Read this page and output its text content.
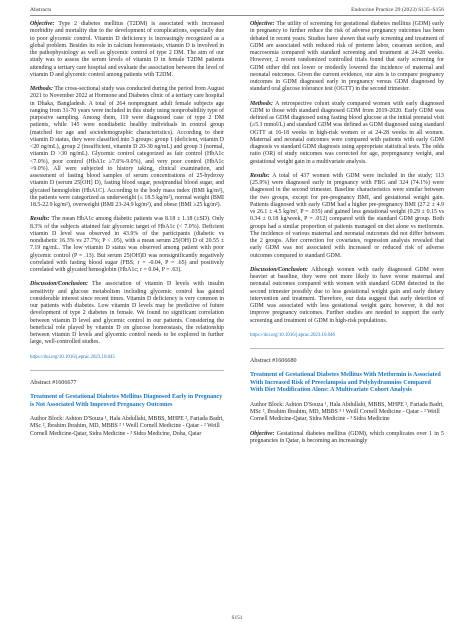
Abstracts	Endocrine Practice 29 (2023) S135–S156

Objective: Type 2 diabetes mellitus (T2DM) is associated with increased morbidity and mortality due to the development of complications, especially due to poor glycemic control. Vitamin D deficiency is increasingly recognized as a global problem. Besides its role in calcium homeostasis, vitamin D is involved in the pathophysiology as well as glycemic control of type 2 DM. The aim of our study was to assess the serum levels of vitamin D in female T2DM patients attending a tertiary care hospital and evaluate the association between the level of vitamin D and glycemic control among patients with T2DM.

Methods: The cross-sectional study was conducted during the period from August 2021 to November 2022 at Hormone and Diabetes clinic of a tertiary care hospital in Dhaka, Bangladesh. A total of 264 nonpregnant adult female subjects age ranging from 31-70 years were included in this study using nonprobability type of purposive sampling. Among them, 119 were diagnosed case of type 2 DM patients, while 145 were nondiabetic healthy individuals in control group (matched for age and sociodemographic characteristics). According to their vitamin D status, they were classified into 3 groups: group 1 (deficient, vitamin D <20 ng/mL), group 2 (insufficient, vitamin D 20-30 ng/mL) and group 3 (normal, vitamin D >30 ng/mL). Glycemic control categorized as fair control (HbA1c <7.0%), poor control (HbA1c ≥7.0%-9.0%), and very poor control (HbA1c >9.0%). All were subjected to history taking, clinical examination, and assessment of fasting blood samples of serum concentrations of 25-hydroxy vitamin D (serum 25[OH] D), fasting blood sugar, postprandial blood sugar, and glycated hemoglobin (HbA1C). According to the body mass index (BMI kg/m²), the patients were categorized as underweight (≤ 18.5 kg/m²), normal weight (BMI 18.5-22.9 kg/m²), overweight (BMI 23-24.9 kg/m²), and obese (BMI ≥25 kg/m²).

Results: The mean HbA1c among diabetic patients was 8.18 ± 1.18 (±SD). Only 8.3% of the subjects attained fair glycemic target of HbA1c (< 7.0%). Deficient vitamin D level was observed in 43.9% of the participants (diabetic vs nondiabetic 16.3% vs 27.7%; P < .05), with a mean serum 25(OH) D of 20.55 ± 7.19 ng/mL. The low vitamin D status was observed among patient with poor glycemic control (P = .13). But serum 25(OH)D was nonsignificantly negatively correlated with fasting blood sugar (FBS; r = -0.04, P = .65) and positively correlated with glycated hemoglobin (HbA1c; r = 0.04, P = .63).

Discussion/Conclusion: The association of vitamin D levels with insulin sensitivity and glucose metabolism including glycemic control has gained considerable interest since recent times. Vitamin D deficiency is very common in our patients with diabetes. Low vitamin D levels may be predictive of future development of type 2 diabetes in female. We found no significant correlation between vitamin D level and glycemic control in our patients. Considering the beneficial role played by vitamin D on glucose homeostasis, the relationship between vitamin D levels and glycemic control needs to be explored in further large, well-controlled studies.

https://doi.org/10.1016/j.eprac.2023.10.045
Abstract #1606677
Treatment of Gestational Diabetes Mellitus Diagnosed Early in Pregnancy is Not Associated With Improved Pregnancy Outcomes
Author Block: Ashton D'Souza ¹, Hala Abdullahi, MBBS, MHPE ², Fariada Badri, MSc ², Ibrahim Ibrahim, MD, MBBS ² ¹ Weill Cornell Medicine - Qatar - ² Weill Cornell Medicine-Qatar, Sidra Medicine - ³ Sidra Medicine, Doha, Qatar

Objective: The utility of screening for gestational diabetes mellitus (GDM) early in pregnancy to further reduce the risk of adverse pregnancy outcomes has been debated in recent years. Studies have shown that early screening and treatment of GDM are associated with reduced risk of preterm labor, cesarean section, and macrosomia compared with standard screening and treatment at 24-28 weeks. However, 2 recent randomized controlled trials found that early screening for GDM either did not lower or modestly lowered the incidence of maternal and neonatal outcomes. Given the current evidence, our aim is to compare pregnancy outcomes in GDM diagnosed early in pregnancy versus GDM diagnosed by standard oral glucose tolerance test (OGTT) in the second trimester.

Methods: A retrospective cohort study compared women with early diagnosed GDM to those with standard diagnosed GDM from 2019-2020. Early GDM was defined as GDM diagnosed using fasting blood glucose at the initial prenatal visit (≥5.1 mmol/L) and standard GDM was defined as GDM diagnosed using standard OGTT at 16-18 weeks in high-risk women or at 24-28 weeks in all women. Maternal and neonatal outcomes were compared with patients with early GDM diagnosis vs standard GDM diagnosis using appropriate statistical tests. The odds ratio (OR) of study outcomes was corrected for age, prepregnancy weight, and gestational weight gain in a multivariate analysis.

Results: A total of 437 women with GDM were included in the study; 113 (25.9%) were diagnosed early in pregnancy with FBG and 324 (74.1%) were diagnosed in the second trimester. Baseline characteristics were similar between the two groups, except for pre-pregnancy BMI, and gestational weight gain. Patients diagnosed with early GDM had a higher pre-pregnancy BMI (27.2 ± 4.9 vs 26.1 ± 4.5 kg/m², P = .035) and gained less gestational weight (0.29 ± 0.15 vs 0.34 ± 0.18 kg/week, P = .012) compared with the standard GDM group. Both groups had a similar proportion of patients managed on diet alone vs metformin. The incidence of various maternal and neonatal outcomes did not differ between the 2 groups. After correction for covariates, regression analysis revealed that early GDM was not associated with increased or reduced risk of adverse outcomes compared to standard GDM.

Discussion/Conclusion: Although women with early diagnosed GDM were heavier at baseline, they were not more likely to have worse maternal and neonatal outcomes compared with women with standard GDM detected in the second trimester possibly due to less gestational weight gain and early dietary intervention and treatment. Therefore, our data suggest that early detection of GDM was associated with less gestational weight gain; however, it did not improve pregnancy outcomes. Further studies are needed to support the early screening and treatment of GDM in high-risk populations.

https://doi.org/10.1016/j.eprac.2023.10.046
Abstract #1606680
Treatment of Gestational Diabetes Mellitus With Metformin is Associated With Increased Risk of Preeclampsia and Polyhydramnios Compared With Diet Modification Alone: A Multivariate Cohort Analysis
Author Block: Ashton D'Souza ¹, Hala Abdullahi, MBBS, MHPE ², Fariada Badri, MSc ², Ibrahim Ibrahim, MD, MBBS ³ ¹ Weill Cornell Medicine - Qatar - ² Weill Cornell Medicine-Qatar, Sidra Medicine - ³ Sidra Medicine

Objective: Gestational diabetes mellitus (GDM), which complicates over 1 in 5 pregnancies in Qatar, is becoming an increasingly

S151
